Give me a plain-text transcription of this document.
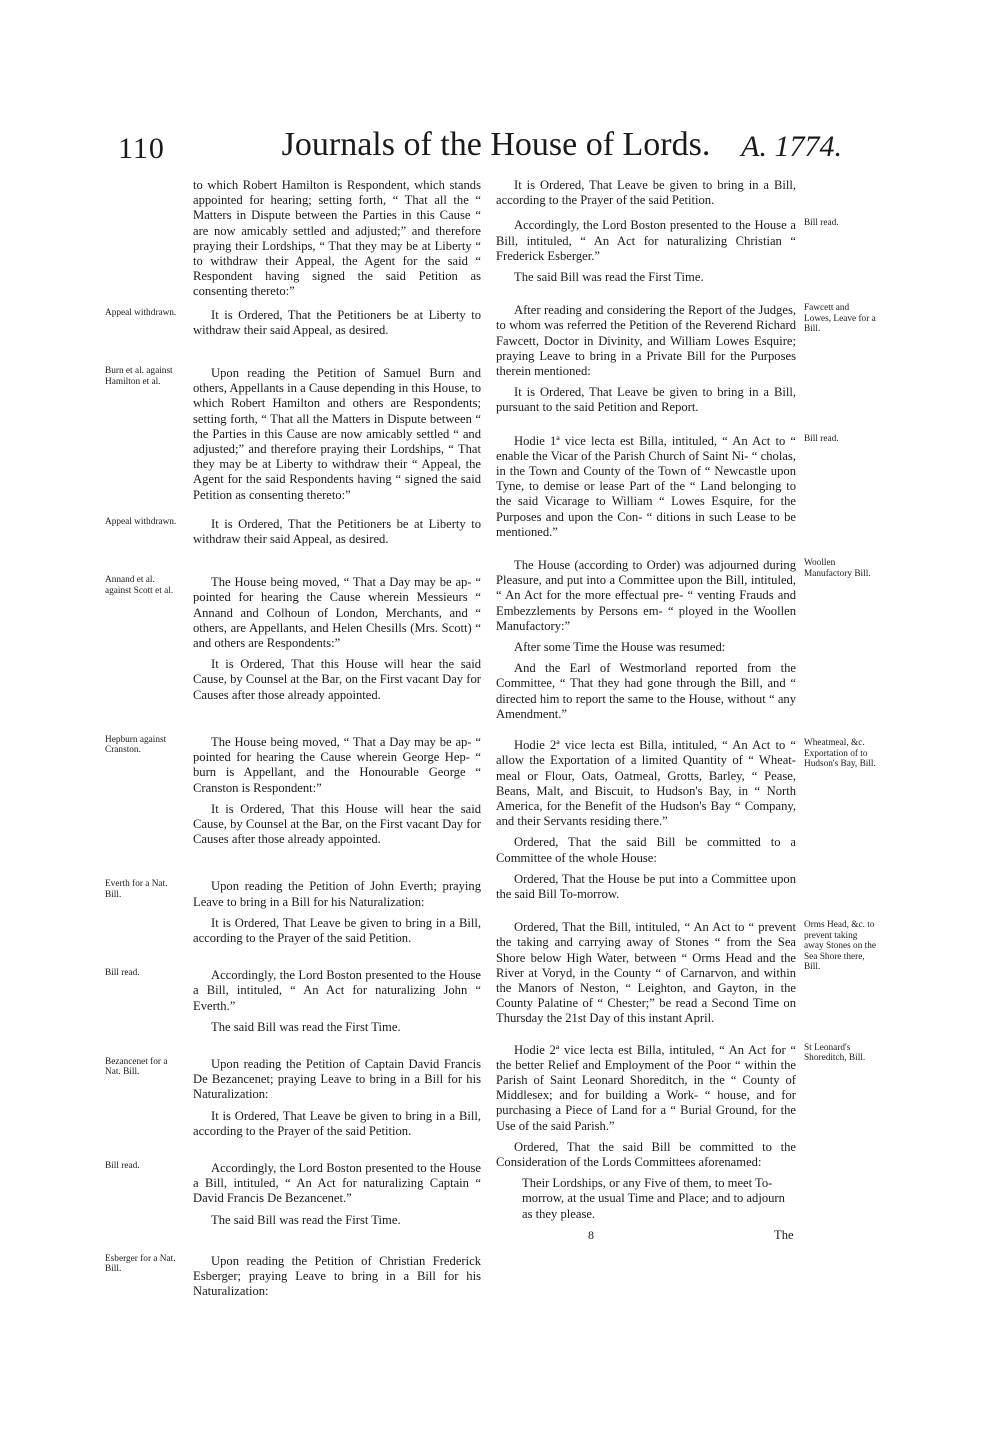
110	Journals of the House of Lords.	A. 1774.

to which Robert Hamilton is Respondent, which stands appointed for hearing; setting forth, “ That all the “ Matters in Dispute between the Parties in this Cause “ are now amicably settled and adjusted;” and therefore praying their Lordships, “ That they may be at Liberty “ to withdraw their Appeal, the Agent for the said “ Respondent having signed the said Petition as consenting thereto:”

Appeal withdrawn.	It is Ordered, That the Petitioners be at Liberty to withdraw their said Appeal, as desired.

Burn et al. against Hamilton et al.

Upon reading the Petition of Samuel Burn and others, Appellants in a Cause depending in this House, to which Robert Hamilton and others are Respondents; setting forth, “ That all the Matters in Dispute between “ the Parties in this Cause are now amicably settled “ and adjusted;” and therefore praying their Lordships, “ That they may be at Liberty to withdraw their “ Appeal, the Agent for the said Respondents having “ signed the said Petition as consenting thereto:”

Appeal withdrawn.	It is Ordered, That the Petitioners be at Liberty to withdraw their said Appeal, as desired.

Annand et al. against Scott et al.

The House being moved, “ That a Day may be ap- “ pointed for hearing the Cause wherein Messieurs “ Annand and Colhoun of London, Merchants, and “ others, are Appellants, and Helen Chesills (Mrs. Scott) “ and others are Respondents:”

It is Ordered, That this House will hear the said Cause, by Counsel at the Bar, on the First vacant Day for Causes after those already appointed.

Hepburn against Cranston.

The House being moved, “ That a Day may be ap- “ pointed for hearing the Cause wherein George Hep- “ burn is Appellant, and the Honourable George “ Cranston is Respondent:”

It is Ordered, That this House will hear the said Cause, by Counsel at the Bar, on the First vacant Day for Causes after those already appointed.

Everth for a Nat. Bill.

Upon reading the Petition of John Everth; praying Leave to bring in a Bill for his Naturalization:

It is Ordered, That Leave be given to bring in a Bill, according to the Prayer of the said Petition.

Bill read.	Accordingly, the Lord Boston presented to the House a Bill, intituled, “ An Act for naturalizing John “ Everth.”

The said Bill was read the First Time.

Bezancenet for a Nat. Bill.

Upon reading the Petition of Captain David Francis De Bezancenet; praying Leave to bring in a Bill for his Naturalization:

It is Ordered, That Leave be given to bring in a Bill, according to the Prayer of the said Petition.

Bill read.	Accordingly, the Lord Boston presented to the House a Bill, intituled, “ An Act for naturalizing Captain “ David Francis De Bezancenet.”

The said Bill was read the First Time.

Esberger for a Nat. Bill.

Upon reading the Petition of Christian Frederick Esberger; praying Leave to bring in a Bill for his Naturalization:

It is Ordered, That Leave be given to bring in a Bill, according to the Prayer of the said Petition.

Bill read.

Accordingly, the Lord Boston presented to the House a Bill, intituled, “ An Act for naturalizing Christian “ Frederick Esberger.”

The said Bill was read the First Time.

Fawcett and Lowes, Leave for a Bill.

After reading and considering the Report of the Judges, to whom was referred the Petition of the Reverend Richard Fawcett, Doctor in Divinity, and William Lowes Esquire; praying Leave to bring in a Private Bill for the Purposes therein mentioned:

It is Ordered, That Leave be given to bring in a Bill, pursuant to the said Petition and Report.

Bill read.

Hodie 1ª vice lecta est Billa, intituled, “ An Act to “ enable the Vicar of the Parish Church of Saint Ni- “ cholas, in the Town and County of the Town of “ Newcastle upon Tyne, to demise or lease Part of the “ Land belonging to the said Vicarage to William “ Lowes Esquire, for the Purposes and upon the Con- “ ditions in such Lease to be mentioned.”

Woollen Manufactory Bill.

The House (according to Order) was adjourned during Pleasure, and put into a Committee upon the Bill, intituled, “ An Act for the more effectual pre- “ venting Frauds and Embezzlements by Persons em- “ ployed in the Woollen Manufactory:”

After some Time the House was resumed:

And the Earl of Westmorland reported from the Committee, “ That they had gone through the Bill, and “ directed him to report the same to the House, without “ any Amendment.”

Wheatmeal, &c. Exportation of to Hudson's Bay, Bill.

Hodie 2ª vice lecta est Billa, intituled, “ An Act to “ allow the Exportation of a limited Quantity of “ Wheat-meal or Flour, Oats, Oatmeal, Grotts, Barley, “ Pease, Beans, Malt, and Biscuit, to Hudson's Bay, in “ North America, for the Benefit of the Hudson's Bay “ Company, and their Servants residing there.”

Ordered, That the said Bill be committed to a Committee of the whole House:

Ordered, That the House be put into a Committee upon the said Bill To-morrow.

Orms Head, &c. to prevent taking away Stones on the Sea Shore there, Bill.

Ordered, That the Bill, intituled, “ An Act to “ prevent the taking and carrying away of Stones “ from the Sea Shore below High Water, between “ Orms Head and the River at Voryd, in the County “ of Carnarvon, and within the Manors of Neston, “ Leighton, and Gayton, in the County Palatine of “ Chester;” be read a Second Time on Thursday the 21st Day of this instant April.

St Leonard's Shoreditch, Bill.

Hodie 2ª vice lecta est Billa, intituled, “ An Act for “ the better Relief and Employment of the Poor “ within the Parish of Saint Leonard Shoreditch, in the “ County of Middlesex; and for building a Work- “ house, and for purchasing a Piece of Land for a “ Burial Ground, for the Use of the said Parish.”

Ordered, That the said Bill be committed to the Consideration of the Lords Committees aforenamed:

Their Lordships, or any Five of them, to meet To-morrow, at the usual Time and Place; and to adjourn as they please.

8	The
